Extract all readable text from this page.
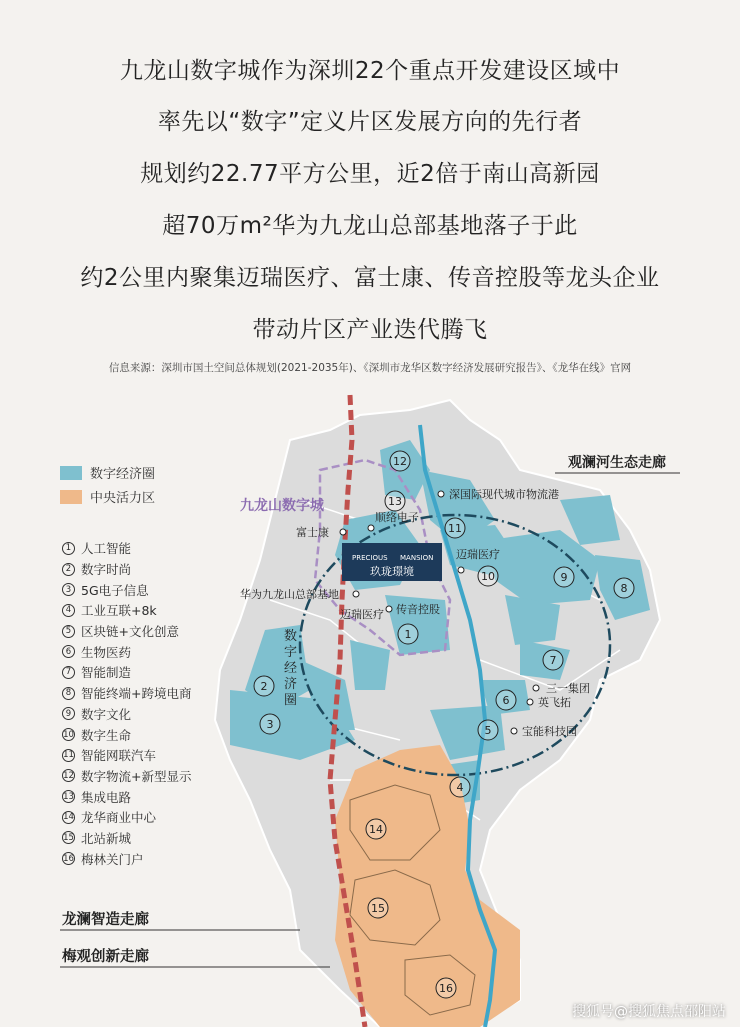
九龙山数字城作为深圳22个重点开发建设区域中
率先以“数字”定义片区发展方向的先行者
规划约22.77平方公里，近2倍于南山高新园
超70万m²华为九龙山总部基地落子于此
约2公里内聚集迈瑞医疗、富士康、传音控股等龙头企业
带动片区产业迭代腾飞
信息来源：深圳市国土空间总体规划(2021-2035年)、《深圳市龙华区数字经济发展研究报告》、《龙华在线》官网
1
2
3
4
5
6
7
8
9
10
11
12
13
14
15
16
PRECIOUS MANSION
玖珑璟境
九龙山数字城
深国际现代城市物流港
顺络电子
富士康
迈瑞医疗
华为九龙山总部基地
迈瑞医疗 传音控股
三一集团
英飞拓
宝能科技园
数
字
经
济
圈
观澜河生态走廊
数字经济圈
中央活力区
1 人工智能
2 数字时尚
3 5G电子信息
4 工业互联+8k
5 区块链+文化创意
6 生物医药
7 智能制造
8 智能终端+跨境电商
9 数字文化
10 数字生命
11 智能网联汽车
12 数字物流+新型显示
13 集成电路
14 龙华商业中心
15 北站新城
16 梅林关门户
龙澜智造走廊
梅观创新走廊
搜狐号@搜狐焦点邵阳站
